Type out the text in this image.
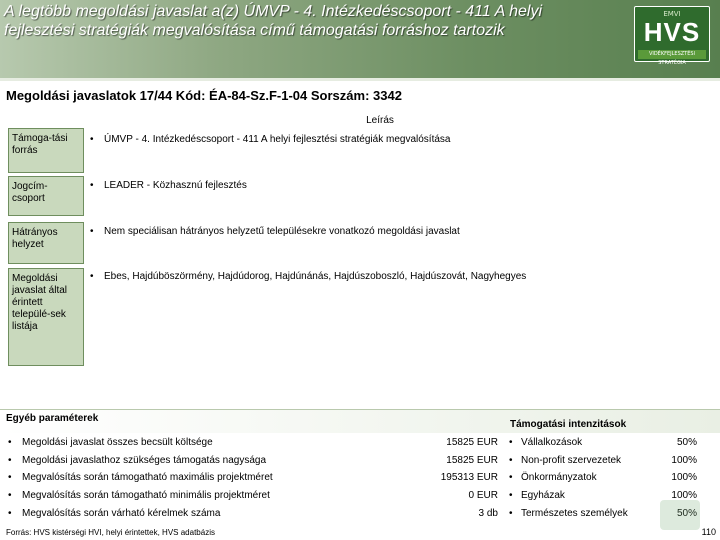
A legtöbb megoldási javaslat a(z) ÚMVP - 4. Intézkedéscsoport - 411 A helyi fejlesztési stratégiák megvalósítása című támogatási forráshoz tartozik
EMVI
HVS
VIDÉKFEJLESZTÉSI STRATÉGIA
Megoldási javaslatok 17/44 Kód: ÉA-84-Sz.F-1-04 Sorszám: 3342
Leírás
Támoga-tási forrás
• ÚMVP - 4. Intézkedéscsoport - 411 A helyi fejlesztési stratégiák megvalósítása
Jogcím-csoport
• LEADER - Közhasznú fejlesztés
Hátrányos helyzet
• Nem speciálisan hátrányos helyzetű településekre vonatkozó megoldási javaslat
Megoldási javaslat által érintett települé-sek listája
• Ebes, Hajdúböszörmény, Hajdúdorog, Hajdúnánás, Hajdúszoboszló, Hajdúszovát, Nagyhegyes
Egyéb paraméterek
Támogatási intenzitások
• Megoldási javaslat összes becsült költsége	15825 EUR
• Megoldási javaslathoz szükséges támogatás nagysága	15825 EUR
• Megvalósítás során támogatható maximális projektméret	195313 EUR
• Megvalósítás során támogatható minimális projektméret	0 EUR
• Megvalósítás során várható kérelmek száma	3 db
• Vállalkozások	50%
• Non-profit szervezetek	100%
• Önkormányzatok	100%
• Egyházak	100%
• Természetes személyek	50%
Forrás: HVS kistérségi HVI, helyi érintettek, HVS adatbázis	110
